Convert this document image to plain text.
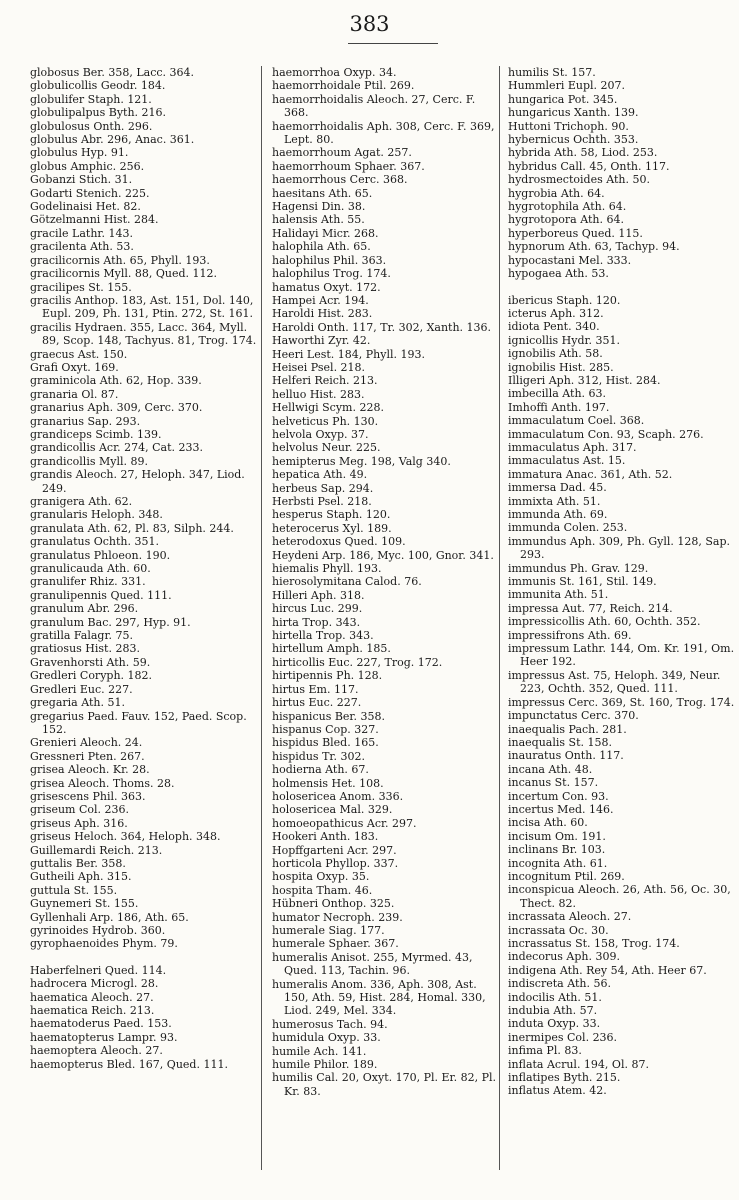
383
globosus Ber. 358, Lacc. 364.
globulicollis Geodr. 184.
globulifer Staph. 121.
globulipalpus Byth. 216.
globulosus Onth. 296.
globulus Abr. 296, Anac. 361.
globulus Hyp. 91.
globus Amphic. 256.
Gobanzi Stich. 31.
Godarti Stenich. 225.
Godelinaisi Het. 82.
Götzelmanni Hist. 284.
gracile Lathr. 143.
gracilenta Ath. 53.
gracilicornis Ath. 65, Phyll. 193.
gracilicornis Myll. 88, Qued. 112.
gracilipes St. 155.
gracilis Anthop. 183, Ast. 151, Dol. 140, Eupl. 209, Ph. 131, Ptin. 272, St. 161.
gracilis Hydraen. 355, Lacc. 364, Myll. 89, Scop. 148, Tachyus. 81, Trog. 174.
graecus Ast. 150.
Grafi Oxyt. 169.
graminicola Ath. 62, Hop. 339.
granaria Ol. 87.
granarius Aph. 309, Cerc. 370.
granarius Sap. 293.
grandiceps Scimb. 139.
grandicollis Acr. 274, Cat. 233.
grandicollis Myll. 89.
grandis Aleoch. 27, Heloph. 347, Liod. 249.
granigera Ath. 62.
granularis Heloph. 348.
granulata Ath. 62, Pl. 83, Silph. 244.
granulatus Ochth. 351.
granulatus Phloeon. 190.
granulicauda Ath. 60.
granulifer Rhiz. 331.
granulipennis Qued. 111.
granulum Abr. 296.
granulum Bac. 297, Hyp. 91.
gratilla Falagr. 75.
gratiosus Hist. 283.
Gravenhorsti Ath. 59.
Gredleri Coryph. 182.
Gredleri Euc. 227.
gregaria Ath. 51.
gregarius Paed. Fauv. 152, Paed. Scop. 152.
Grenieri Aleoch. 24.
Gressneri Pten. 267.
grisea Aleoch. Kr. 28.
grisea Aleoch. Thoms. 28.
grisescens Phil. 363.
griseum Col. 236.
griseus Aph. 316.
griseus Heloch. 364, Heloph. 348.
Guillemardi Reich. 213.
guttalis Ber. 358.
Gutheili Aph. 315.
guttula St. 155.
Guynemeri St. 155.
Gyllenhali Arp. 186, Ath. 65.
gyrinoides Hydrob. 360.
gyrophaenoides Phym. 79.
Haberfelneri Qued. 114.
hadrocera Microgl. 28.
haematica Aleoch. 27.
haematica Reich. 213.
haematoderus Paed. 153.
haematopterus Lampr. 93.
haemoptera Aleoch. 27.
haemopterus Bled. 167, Qued. 111.
haemorrhoa Oxyp. 34.
haemorrhoidale Ptil. 269.
haemorrhoidalis Aleoch. 27, Cerc. F. 368.
haemorrhoidalis Aph. 308, Cerc. F. 369, Lept. 80.
haemorrhoum Agat. 257.
haemorrhoum Sphaer. 367.
haemorrhous Cerc. 368.
haesitans Ath. 65.
Hagensi Din. 38.
halensis Ath. 55.
Halidayi Micr. 268.
halophila Ath. 65.
halophilus Phil. 363.
halophilus Trog. 174.
hamatus Oxyt. 172.
Hampei Acr. 194.
Haroldi Hist. 283.
Haroldi Onth. 117, Tr. 302, Xanth. 136.
Haworthi Zyr. 42.
Heeri Lest. 184, Phyll. 193.
Heisei Psel. 218.
Helferi Reich. 213.
helluo Hist. 283.
Hellwigi Scym. 228.
helveticus Ph. 130.
helvola Oxyp. 37.
helvolus Neur. 225.
hemipterus Meg. 198, Valg 340.
hepatica Ath. 49.
herbeus Sap. 294.
Herbsti Psel. 218.
hesperus Staph. 120.
heterocerus Xyl. 189.
heterodoxus Qued. 109.
Heydeni Arp. 186, Myc. 100, Gnor. 341.
hiemalis Phyll. 193.
hierosolymitana Calod. 76.
Hilleri Aph. 318.
hircus Luc. 299.
hirta Trop. 343.
hirtella Trop. 343.
hirtellum Amph. 185.
hirticollis Euc. 227, Trog. 172.
hirtipennis Ph. 128.
hirtus Em. 117.
hirtus Euc. 227.
hispanicus Ber. 358.
hispanus Cop. 327.
hispidus Bled. 165.
hispidus Tr. 302.
hodierna Ath. 67.
holmensis Het. 108.
holosericea Anom. 336.
holosericea Mal. 329.
homoeopathicus Acr. 297.
Hookeri Anth. 183.
Hopffgarteni Acr. 297.
horticola Phyllop. 337.
hospita Oxyp. 35.
hospita Tham. 46.
Hübneri Onthop. 325.
humator Necroph. 239.
humerale Siag. 177.
humerale Sphaer. 367.
humeralis Anisot. 255, Myrmed. 43, Qued. 113, Tachin. 96.
humeralis Anom. 336, Aph. 308, Ast. 150, Ath. 59, Hist. 284, Homal. 330, Liod. 249, Mel. 334.
humerosus Tach. 94.
humidula Oxyp. 33.
humile Ach. 141.
humile Philor. 189.
humilis Cal. 20, Oxyt. 170, Pl. Er. 82, Pl. Kr. 83.
humilis St. 157.
Hummleri Eupl. 207.
hungarica Pot. 345.
hungaricus Xanth. 139.
Huttoni Trichoph. 90.
hybernicus Ochth. 353.
hybrida Ath. 58, Liod. 253.
hybridus Call. 45, Onth. 117.
hydrosmectoides Ath. 50.
hygrobia Ath. 64.
hygrotophila Ath. 64.
hygrotopora Ath. 64.
hyperboreus Qued. 115.
hypnorum Ath. 63, Tachyp. 94.
hypocastani Mel. 333.
hypogaea Ath. 53.
ibericus Staph. 120.
icterus Aph. 312.
idiota Pent. 340.
ignicollis Hydr. 351.
ignobilis Ath. 58.
ignobilis Hist. 285.
Illigeri Aph. 312, Hist. 284.
imbecilla Ath. 63.
Imhoffi Anth. 197.
immaculatum Coel. 368.
immaculatum Con. 93, Scaph. 276.
immaculatus Aph. 317.
immaculatus Ast. 15.
immatura Anac. 361, Ath. 52.
immersa Dad. 45.
immixta Ath. 51.
immunda Ath. 69.
immunda Colen. 253.
immundus Aph. 309, Ph. Gyll. 128, Sap. 293.
immundus Ph. Grav. 129.
immunis St. 161, Stil. 149.
immunita Ath. 51.
impressa Aut. 77, Reich. 214.
impressicollis Ath. 60, Ochth. 352.
impressifrons Ath. 69.
impressum Lathr. 144, Om. Kr. 191, Om. Heer 192.
impressus Ast. 75, Heloph. 349, Neur. 223, Ochth. 352, Qued. 111.
impressus Cerc. 369, St. 160, Trog. 174.
impunctatus Cerc. 370.
inaequalis Pach. 281.
inaequalis St. 158.
inauratus Onth. 117.
incana Ath. 48.
incanus St. 157.
incertum Con. 93.
incertus Med. 146.
incisa Ath. 60.
incisum Om. 191.
inclinans Br. 103.
incognita Ath. 61.
incognitum Ptil. 269.
inconspicua Aleoch. 26, Ath. 56, Oc. 30, Thect. 82.
incrassata Aleoch. 27.
incrassata Oc. 30.
incrassatus St. 158, Trog. 174.
indecorus Aph. 309.
indigena Ath. Rey 54, Ath. Heer 67.
indiscreta Ath. 56.
indocilis Ath. 51.
indubia Ath. 57.
induta Oxyp. 33.
inermipes Col. 236.
infima Pl. 83.
inflata Acrul. 194, Ol. 87.
inflatipes Byth. 215.
inflatus Atem. 42.
